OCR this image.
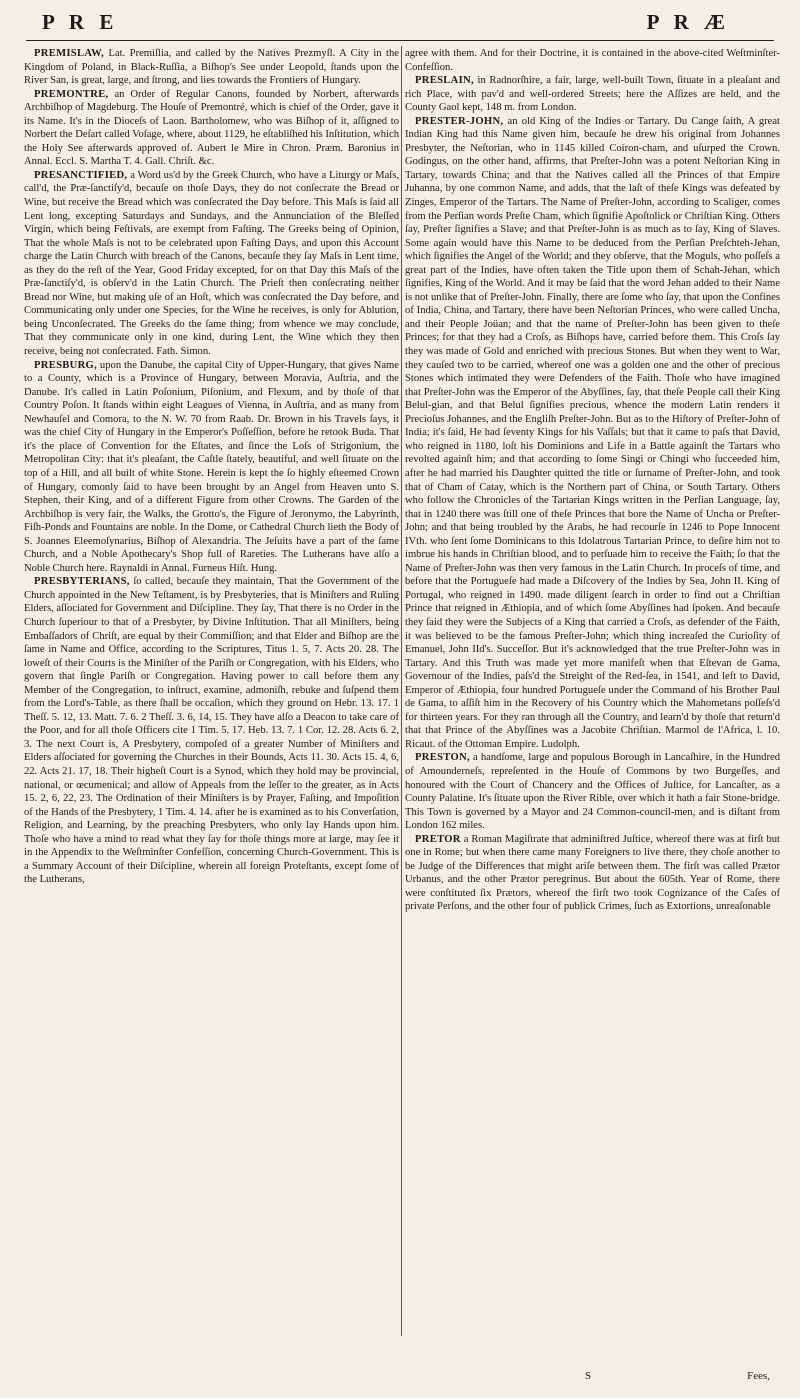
P R E	P R Æ

PREMISLAW, Lat. Premiſlia, and called by the Natives Prezmyſl. A City in the Kingdom of Poland, in Black-Ruſſia, a Biſhop's See under Leopold, ſtands upon the River San, is great, large, and ſtrong, and lies towards the Frontiers of Hungary.

PREMONTRE, an Order of Regular Canons, founded by Norbert, afterwards Archbiſhop of Magdeburg. The Houſe of Premontré, which is chief of the Order, gave it its Name. It's in the Dioceſs of Laon. Bartholomew, who was Biſhop of it, aſſigned to Norbert the Deſart called Voſage, where, about 1129, he eſtabliſhed his Inſtitution, which the Holy See afterwards approved of. Aubert le Mire in Chron. Præm. Baronius in Annal. Eccl. S. Martha T. 4. Gall. Chriſt. &c.

PRESANCTIFIED, a Word us'd by the Greek Church, who have a Liturgy or Maſs, call'd, the Præ-ſanctiſy'd, becauſe on thoſe Days, they do not conſecrate the Bread or Wine, but receive the Bread which was conſecrated the Day before. This Maſs is ſaid all Lent long, excepting Saturdays and Sundays, and the Annunciation of the Bleſſed Virgin, which being Feſtivals, are exempt from Faſting. The Greeks being of Opinion, That the whole Maſs is not to be celebrated upon Faſting Days, and upon this Account charge the Latin Church with breach of the Canons, becauſe they ſay Maſs in Lent time, as they do the reſt of the Year, Good Friday excepted, for on that Day this Maſs of the Præ-ſanctiſy'd, is obſerv'd in the Latin Church. The Prieſt then conſecrating neither Bread nor Wine, but making uſe of an Hoſt, which was conſecrated the Day before, and Communicating only under one Species, for the Wine he receives, is only for Ablution, being Unconſecrated. The Greeks do the ſame thing; from whence we may conclude, That they communicate only in one kind, during Lent, the Wine which they then receive, being not conſecrated. Fath. Simon.

PRESBURG, upon the Danube, the capital City of Upper-Hungary, that gives Name to a County, which is a Province of Hungary, between Moravia, Auſtria, and the Danube. It's called in Latin Poſonium, Piſonium, and Flexum, and by thoſe of that Country Poſon. It ſtands within eight Leagues of Vienna, in Auſtria, and as many from Newhauſel and Comora, to the N. W. 70 from Raab. Dr. Brown in his Travels ſays, it was the chief City of Hungary in the Emperor's Poſſeſſion, before he retook Buda. That it's the place of Convention for the Eſtates, and ſince the Loſs of Strigonium, the Metropolitan City: that it's pleaſant, the Caſtle ſtately, beautiful, and well ſituate on the top of a Hill, and all built of white Stone. Herein is kept the ſo highly eſteemed Crown of Hungary, comonly ſaid to have been brought by an Angel from Heaven unto S. Stephen, their King, and of a different Figure from other Crowns. The Garden of the Archbiſhop is very fair, the Walks, the Grotto's, the Figure of Jeronymo, the Labyrinth, Fiſh-Ponds and Fountains are noble. In the Dome, or Cathedral Church lieth the Body of S. Joannes Eleemoſynarius, Biſhop of Alexandria. The Jeſuits have a part of the ſame Church, and a Noble Apothecary's Shop full of Rareties. The Lutherans have alſo a Noble Church here. Raynaldi in Annal. Furneus Hiſt. Hung.

PRESBYTERIANS, ſo called, becauſe they maintain, That the Government of the Church appointed in the New Teſtament, is by Presbyteries, that is Miniſters and Ruling Elders, aſſociated for Government and Diſcipline. They ſay, That there is no Order in the Church ſuperiour to that of a Presbyter, by Divine Inſtitution. That all Miniſters, being Embaſſadors of Chriſt, are equal by their Commiſſion; and that Elder and Biſhop are the ſame in Name and Office, according to the Scriptures, Titus 1. 5, 7. Acts 20. 28. The loweſt of their Courts is the Miniſter of the Pariſh or Congregation, with his Elders, who govern that ſingle Pariſh or Congregation. Having power to call before them any Member of the Congregation, to inſtruct, examine, admoniſh, rebuke and ſuſpend them from the Lord's-Table, as there ſhall be occaſion, which they ground on Hebr. 13. 17. 1 Theſſ. 5. 12, 13. Matt. 7. 6. 2 Theſſ. 3. 6, 14, 15. They have alſo a Deacon to take care of the Poor, and for all thoſe Officers cite 1 Tim. 5. 17. Heb. 13. 7. 1 Cor. 12. 28. Acts 6. 2, 3. The next Court is, A Presbytery, compoſed of a greater Number of Miniſters and Elders aſſociated for governing the Churches in their Bounds, Acts 11. 30. Acts 15. 4, 6, 22. Acts 21. 17, 18. Their higheſt Court is a Synod, which they hold may be provincial, national, or œcumenical; and allow of Appeals from the leſſer to the greater, as in Acts 15. 2, 6, 22, 23. The Ordination of their Miniſters is by Prayer, Faſting, and Impoſition of the Hands of the Presbytery, 1 Tim. 4. 14. after he is examined as to his Converſation, Religion, and Learning, by the preaching Presbyters, who only lay Hands upon him. Thoſe who have a mind to read what they ſay for thoſe things more at large, may ſee it in the Appendix to the Weſtminſter Confeſſion, concerning Church-Government. This is a Summary Account of their Diſcipline, wherein all foreign Proteſtants, except ſome of the Lutherans,

agree with them. And for their Doctrine, it is contained in the above-cited Weſtminſter-Confeſſion.

PRESLAIN, in Radnorſhire, a fair, large, well-built Town, ſituate in a pleaſant and rich Place, with pav'd and well-ordered Streets; here the Aſſizes are held, and the County Gaol kept, 148 m. from London.

PRESTER-JOHN, an old King of the Indies or Tartary. Du Cange ſaith, A great Indian King had this Name given him, becauſe he drew his original from Johannes Presbyter, the Neſtorian, who in 1145 killed Coiron-cham, and uſurped the Crown. Godingus, on the other hand, affirms, that Preſter-John was a potent Neſtorian King in Tartary, towards China; and that the Natives called all the Princes of that Empire Juhanna, by one common Name, and adds, that the laſt of theſe Kings was defeated by Zinges, Emperor of the Tartars. The Name of Preſter-John, according to Scaliger, comes from the Perſian words Preſte Cham, which ſignifie Apoſtolick or Chriſtian King. Others ſay, Preſter ſignifies a Slave; and that Preſter-John is as much as to ſay, King of Slaves. Some again would have this Name to be deduced from the Perſian Preſchteh-Jehan, which ſignifies the Angel of the World; and they obſerve, that the Moguls, who poſſeſs a great part of the Indies, have often taken the Title upon them of Schah-Jehan, which ſignifies, King of the World. And it may be ſaid that the word Jehan added to their Name is not unlike that of Preſter-John. Finally, there are ſome who ſay, that upon the Confines of India, China, and Tartary, there have been Neſtorian Princes, who were called Uncha, and their People Joüan; and that the name of Preſter-John has been given to theſe Princes; for that they had a Croſs, as Biſhops have, carried before them. This Croſs ſay they was made of Gold and enriched with precious Stones. But when they went to War, they cauſed two to be carried, whereof one was a golden one and the other of precious Stones which intimated they were Defenders of the Faith. Thoſe who have imagined that Preſter-John was the Emperor of the Abyſſines, ſay, that theſe People call their King Belul-gian, and that Belul ſignifies precious, whence the modern Latin renders it Precioſus Johannes, and the Engliſh Preſter-John. But as to the Hiſtory of Preſter-John of India; it's ſaid, He had ſeventy Kings for his Vaſſals; but that it came to paſs that David, who reigned in 1180, loſt his Dominions and Life in a Battle againſt the Tartars who revolted againſt him; and that according to ſome Singi or Chingi who ſucceeded him, after he had married his Daughter quitted the title or ſurname of Preſter-John, and took that of Cham of Catay, which is the Northern part of China, or South Tartary. Others who follow the Chronicles of the Tartarian Kings written in the Perſian Language, ſay, that in 1240 there was ſtill one of theſe Princes that bore the Name of Uncha or Preſter-John; and that being troubled by the Arabs, he had recourſe in 1246 to Pope Innocent IVth. who ſent ſome Dominicans to this Idolatrous Tartarian Prince, to deſire him not to imbrue his hands in Chriſtian blood, and to perſuade him to receive the Faith; ſo that the Name of Preſter-John was then very famous in the Latin Church. In proceſs of time, and before that the Portugueſe had made a Diſcovery of the Indies by Sea, John II. King of Portugal, who reigned in 1490. made diligent ſearch in order to find out a Chriſtian Prince that reigned in Æthiopia, and of which ſome Abyſſines had ſpoken. And becauſe they ſaid they were the Subjects of a King that carried a Croſs, as defender of the Faith, it was believed to be the famous Preſter-John; which thing increaſed the Curioſity of Emanuel, John IId's. Succeſſor. But it's acknowledged that the true Preſter-John was in Tartary. And this Truth was made yet more manifeſt when that Eſtevan de Gama, Governour of the Indies, paſs'd the Streight of the Red-ſea, in 1541, and left to David, Emperor of Æthiopia, four hundred Portugueſe under the Command of his Brother Paul de Gama, to aſſiſt him in the Recovery of his Country which the Mahometans poſſeſs'd for thirteen years. For they ran through all the Country, and learn'd by thoſe that return'd that that Prince of the Abyſſines was a Jacobite Chriſtian. Marmol de l'Africa, l. 10. Ricaut. of the Ottoman Empire. Ludolph.

PRESTON, a handſome, large and populous Borough in Lancaſhire, in the Hundred of Amounderneſs, repreſented in the Houſe of Commons by two Burgeſſes, and honoured with the Court of Chancery and the Offices of Juſtice, for Lancaſter, as a County Palatine. It's ſituate upon the River Rible, over which it hath a fair Stone-bridge. This Town is governed by a Mayor and 24 Common-council-men, and is diſtant from London 162 miles.

PRETOR a Roman Magiſtrate that adminiſtred Juſtice, whereof there was at firſt but one in Rome; but when there came many Foreigners to live there, they choſe another to be Judge of the Differences that might ariſe between them. The firſt was called Prætor Urbanus, and the other Prætor peregrinus. But about the 605th. Year of Rome, there were conſtituted ſix Prætors, whereof the firſt two took Cognizance of the Caſes of private Perſons, and the other four of publick Crimes, ſuch as Extortions, unreaſonable

S	Fees,
